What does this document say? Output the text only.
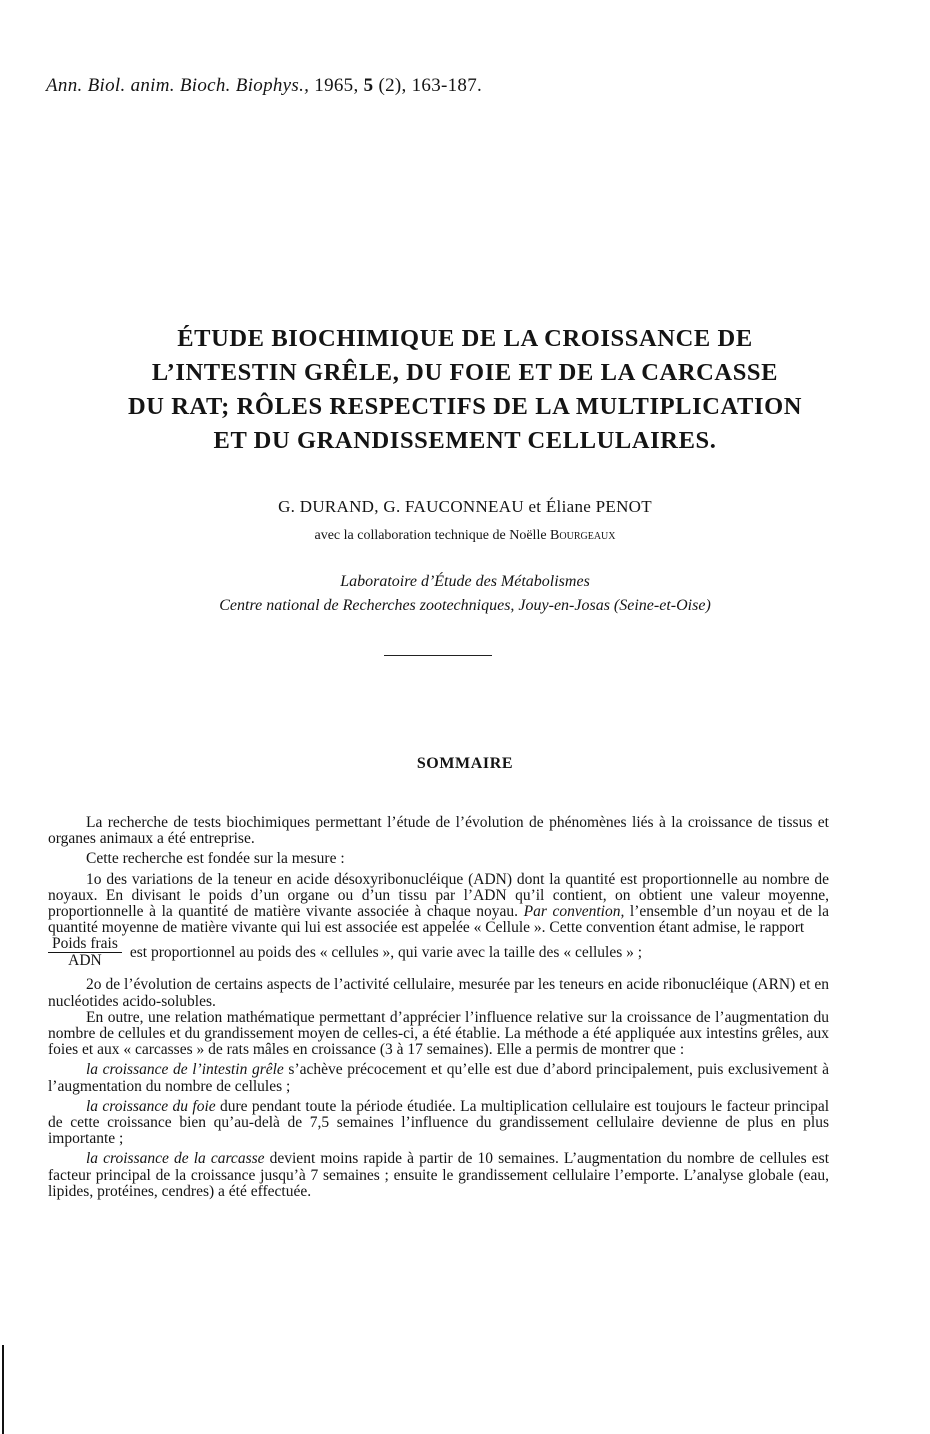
Ann. Biol. anim. Bioch. Biophys., 1965, 5 (2), 163-187.
ÉTUDE BIOCHIMIQUE DE LA CROISSANCE DE
L’INTESTIN GRÊLE, DU FOIE ET DE LA CARCASSE
DU RAT; RÔLES RESPECTIFS DE LA MULTIPLICATION
ET DU GRANDISSEMENT CELLULAIRES.
G. DURAND, G. FAUCONNEAU et Éliane PENOT
avec la collaboration technique de Noëlle Bourgeaux
Laboratoire d’Étude des Métabolismes
Centre national de Recherches zootechniques, Jouy-en-Josas (Seine-et-Oise)
SOMMAIRE

La recherche de tests biochimiques permettant l’étude de l’évolution de phénomènes liés à la croissance de tissus et organes animaux a été entreprise.

Cette recherche est fondée sur la mesure :

1o des variations de la teneur en acide désoxyribonucléique (ADN) dont la quantité est proportionnelle au nombre de noyaux. En divisant le poids d’un organe ou d’un tissu par l’ADN qu’il contient, on obtient une valeur moyenne, proportionnelle à la quantité de matière vivante associée à chaque noyau. Par convention, l’ensemble d’un noyau et de la quantité moyenne de matière vivante qui lui est associée est appelée « Cellule ». Cette convention étant admise, le rapport

$\frac{\text{Poids frais}}{\text{ADN}}$ est proportionnel au poids des « cellules », qui varie avec la taille des « cellules » ;

2o de l’évolution de certains aspects de l’activité cellulaire, mesurée par les teneurs en acide ribonucléique (ARN) et en nucléotides acido-solubles.

En outre, une relation mathématique permettant d’apprécier l’influence relative sur la croissance de l’augmentation du nombre de cellules et du grandissement moyen de celles-ci, a été établie. La méthode a été appliquée aux intestins grêles, aux foies et aux « carcasses » de rats mâles en croissance (3 à 17 semaines). Elle a permis de montrer que :

la croissance de l’intestin grêle s’achève précocement et qu’elle est due d’abord principalement, puis exclusivement à l’augmentation du nombre de cellules ;

la croissance du foie dure pendant toute la période étudiée. La multiplication cellulaire est toujours le facteur principal de cette croissance bien qu’au-delà de 7,5 semaines l’influence du grandissement cellulaire devienne de plus en plus importante ;

la croissance de la carcasse devient moins rapide à partir de 10 semaines. L’augmentation du nombre de cellules est facteur principal de la croissance jusqu’à 7 semaines ; ensuite le grandissement cellulaire l’emporte. L’analyse globale (eau, lipides, protéines, cendres) a été effectuée.
